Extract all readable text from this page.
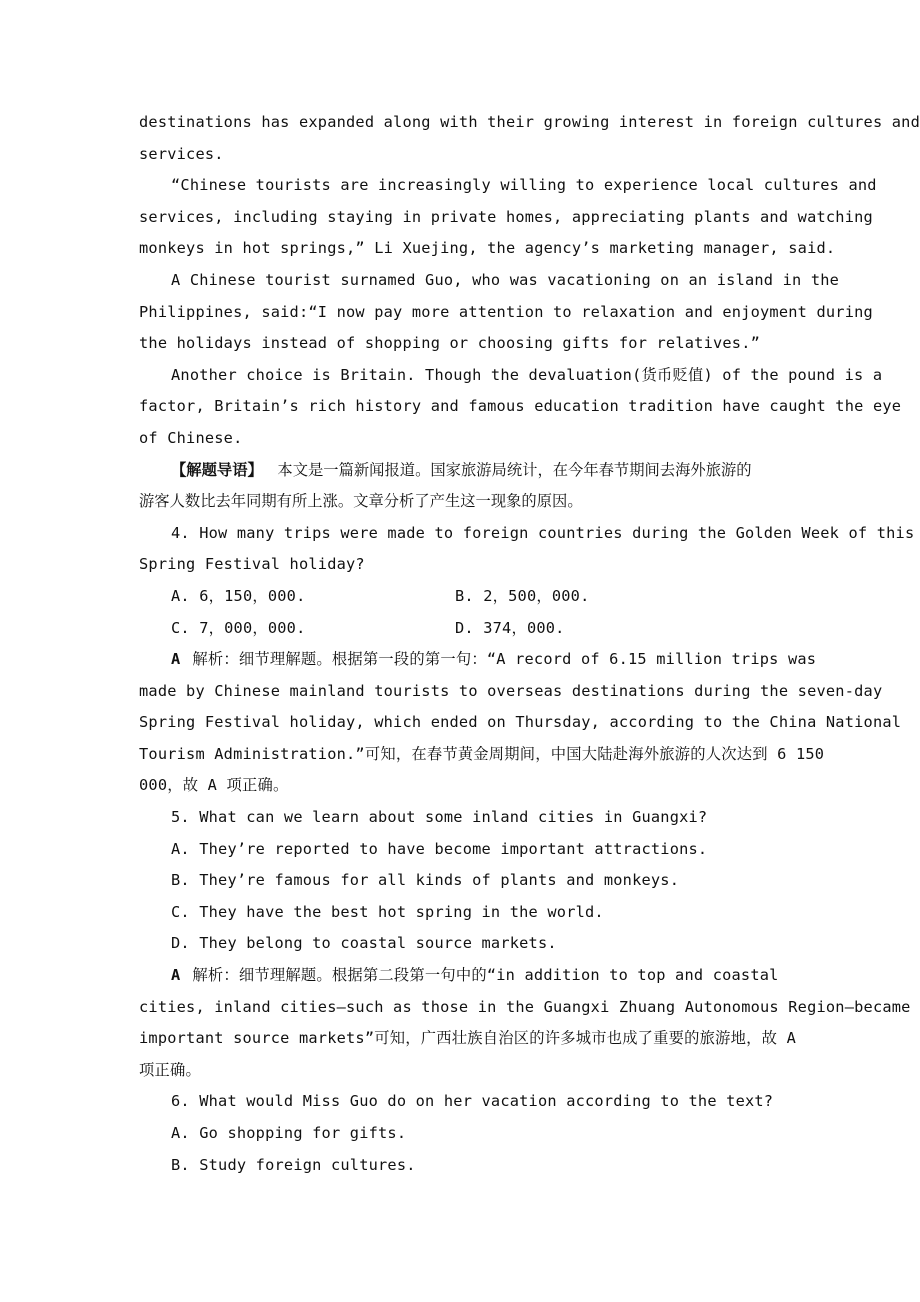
destinations has expanded along with their growing interest in foreign cultures and
services.
“Chinese tourists are increasingly willing to experience local cultures and
services, including staying in private homes, appreciating plants and watching
monkeys in hot springs,” Li Xuejing, the agency’s marketing manager, said.
A Chinese tourist surnamed Guo, who was vacationing on an island in the
Philippines, said:“I now pay more attention to relaxation and enjoyment during
the holidays instead of shopping or choosing gifts for relatives.”
Another choice is Britain. Though the devaluation(货币贬值) of the pound is a
factor, Britain’s rich history and famous education tradition have caught the eye
of Chinese.
【解题导语】 本文是一篇新闻报道。国家旅游局统计，在今年春节期间去海外旅游的
游客人数比去年同期有所上涨。文章分析了产生这一现象的原因。
4. How many trips were made to foreign countries during the Golden Week of this
Spring Festival holiday?
A. 6，150，000.	B. 2，500，000.
C. 7，000，000.	D. 374，000.
A 解析：细节理解题。根据第一段的第一句：“A record of 6.15 million trips was
made by Chinese mainland tourists to overseas destinations during the seven-day
Spring Festival holiday, which ended on Thursday, according to the China National
Tourism Administration.”可知，在春节黄金周期间，中国大陆赴海外旅游的人次达到 6 150
000，故 A 项正确。
5. What can we learn about some inland cities in Guangxi?
A. They’re reported to have become important attractions.
B. They’re famous for all kinds of plants and monkeys.
C. They have the best hot spring in the world.
D. They belong to coastal source markets.
A 解析：细节理解题。根据第二段第一句中的“in addition to top and coastal
cities, inland cities—such as those in the Guangxi Zhuang Autonomous Region—became
important source markets”可知，广西壮族自治区的许多城市也成了重要的旅游地，故 A
项正确。
6. What would Miss Guo do on her vacation according to the text?
A. Go shopping for gifts.
B. Study foreign cultures.
